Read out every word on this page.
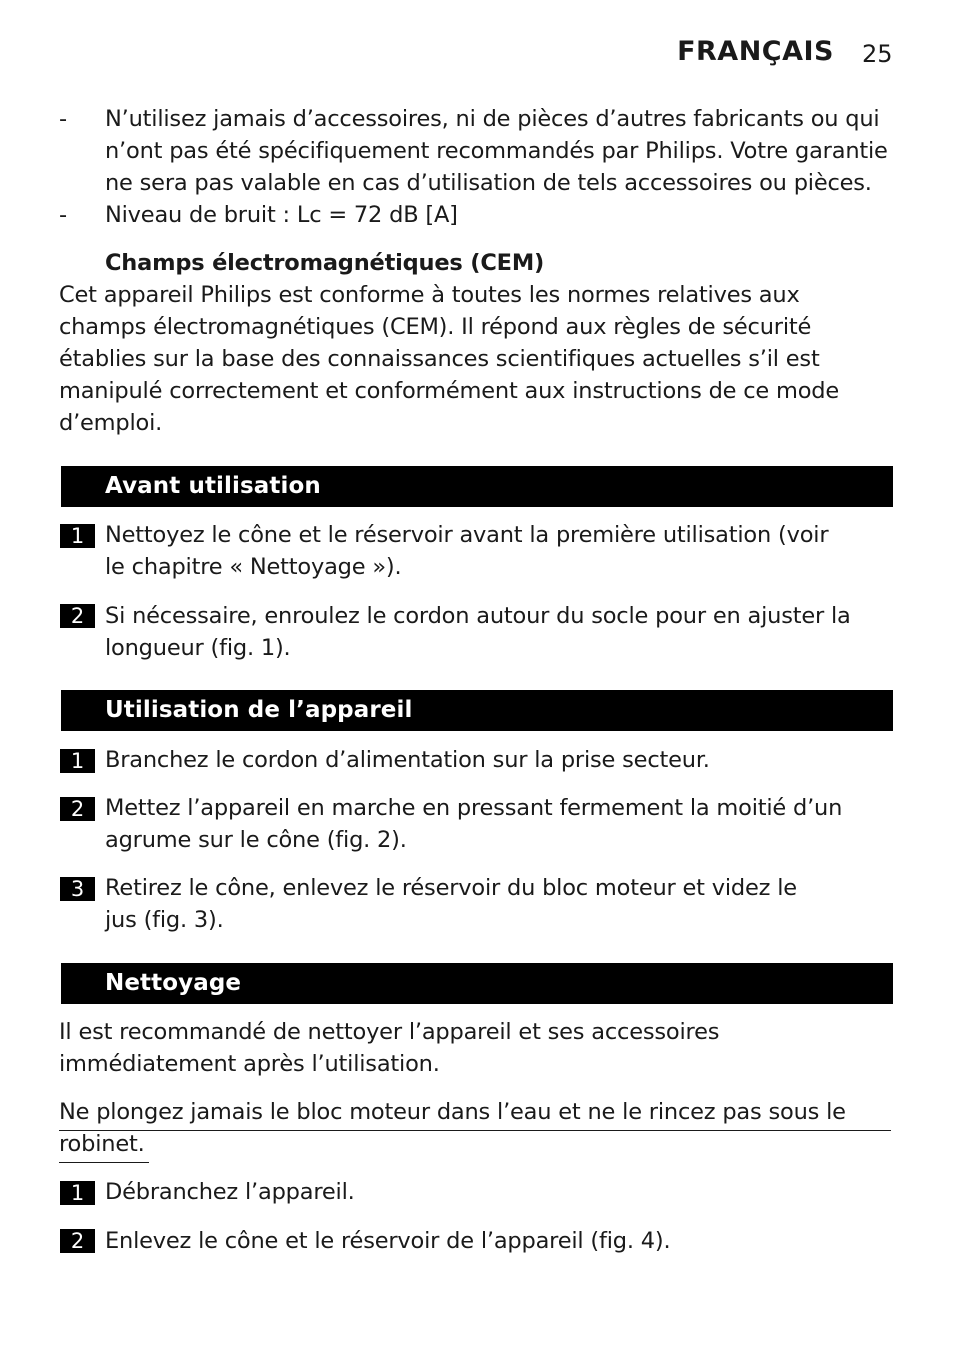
FRANÇAIS 25
- N’utilisez jamais d’accessoires, ni de pièces d’autres fabricants ou qui
n’ont pas été spécifiquement recommandés par Philips. Votre garantie
ne sera pas valable en cas d’utilisation de tels accessoires ou pièces.
- Niveau de bruit : Lc = 72 dB [A]
Champs électromagnétiques (CEM)
Cet appareil Philips est conforme à toutes les normes relatives aux
champs électromagnétiques (CEM). Il répond aux règles de sécurité
établies sur la base des connaissances scientifiques actuelles s’il est
manipulé correctement et conformément aux instructions de ce mode
d’emploi.
Avant utilisation
1 Nettoyez le cône et le réservoir avant la première utilisation (voir
le chapitre « Nettoyage »).
2 Si nécessaire, enroulez le cordon autour du socle pour en ajuster la
longueur (fig. 1).
Utilisation de l’appareil
1 Branchez le cordon d’alimentation sur la prise secteur.
2 Mettez l’appareil en marche en pressant fermement la moitié d’un
agrume sur le cône (fig. 2).
3 Retirez le cône, enlevez le réservoir du bloc moteur et videz le
jus (fig. 3).
Nettoyage
Il est recommandé de nettoyer l’appareil et ses accessoires
immédiatement après l’utilisation.
Ne plongez jamais le bloc moteur dans l’eau et ne le rincez pas sous le
robinet.
1 Débranchez l’appareil.
2 Enlevez le cône et le réservoir de l’appareil (fig. 4).
